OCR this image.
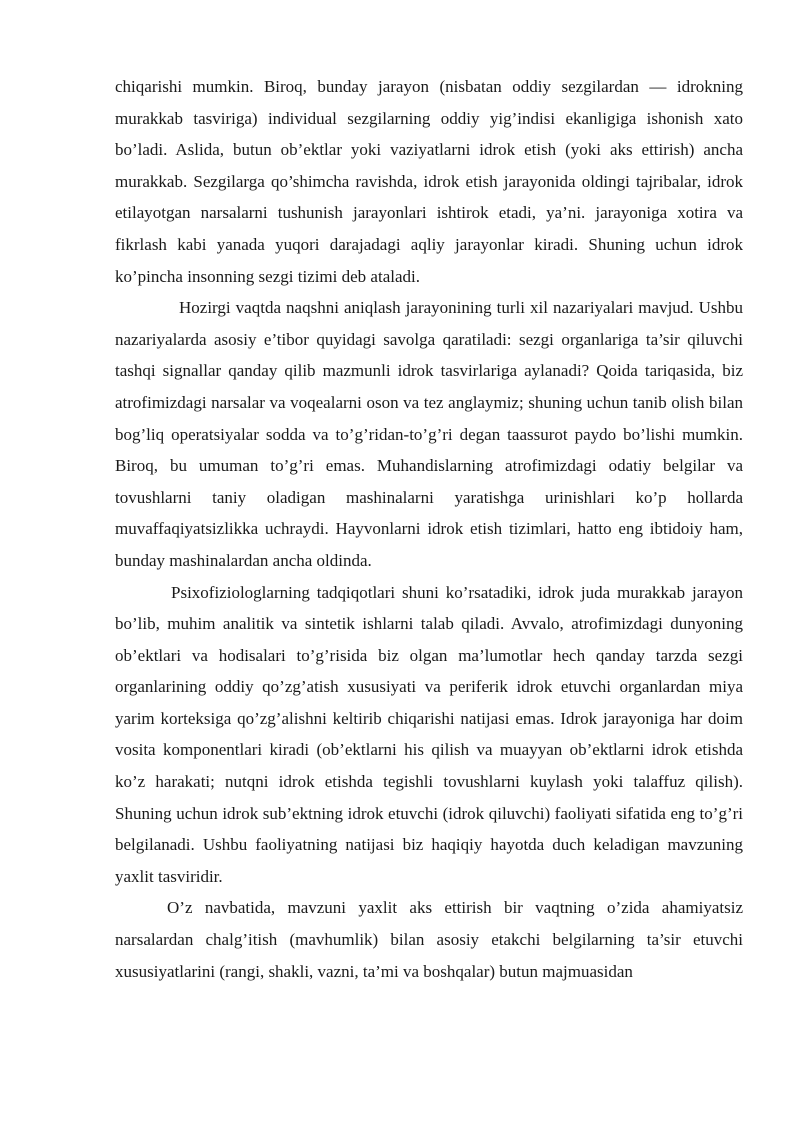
chiqarishi mumkin. Biroq, bunday jarayon (nisbatan oddiy sezgilardan — idrokning murakkab tasviriga) individual sezgilarning oddiy yig’indisi ekanligiga ishonish xato bo’ladi. Aslida, butun ob’ektlar yoki vaziyatlarni idrok etish (yoki aks ettirish) ancha murakkab. Sezgilarga qo’shimcha ravishda, idrok etish jarayonida oldingi tajribalar, idrok etilayotgan narsalarni tushunish jarayonlari ishtirok etadi, ya’ni. jarayoniga xotira va fikrlash kabi yanada yuqori darajadagi aqliy jarayonlar kiradi. Shuning uchun idrok ko’pincha insonning sezgi tizimi deb ataladi.

Hozirgi vaqtda naqshni aniqlash jarayonining turli xil nazariyalari mavjud. Ushbu nazariyalarda asosiy e’tibor quyidagi savolga qaratiladi: sezgi organlariga ta’sir qiluvchi tashqi signallar qanday qilib mazmunli idrok tasvirlariga aylanadi? Qoida tariqasida, biz atrofimizdagi narsalar va voqealarni oson va tez anglaymiz; shuning uchun tanib olish bilan bog’liq operatsiyalar sodda va to’g’ridan-to’g’ri degan taassurot paydo bo’lishi mumkin. Biroq, bu umuman to’g’ri emas. Muhandislarning atrofimizdagi odatiy belgilar va tovushlarni taniy oladigan mashinalarni yaratishga urinishlari ko’p hollarda muvaffaqiyatsizlikka uchraydi. Hayvonlarni idrok etish tizimlari, hatto eng ibtidoiy ham, bunday mashinalardan ancha oldinda.

Psixofiziologlarning tadqiqotlari shuni ko’rsatadiki, idrok juda murakkab jarayon bo’lib, muhim analitik va sintetik ishlarni talab qiladi. Avvalo, atrofimizdagi dunyoning ob’ektlari va hodisalari to’g’risida biz olgan ma’lumotlar hech qanday tarzda sezgi organlarining oddiy qo’zg’atish xususiyati va periferik idrok etuvchi organlardan miya yarim korteksiga qo’zg’alishni keltirib chiqarishi natijasi emas. Idrok jarayoniga har doim vosita komponentlari kiradi (ob’ektlarni his qilish va muayyan ob’ektlarni idrok etishda ko’z harakati; nutqni idrok etishda tegishli tovushlarni kuylash yoki talaffuz qilish). Shuning uchun idrok sub’ektning idrok etuvchi (idrok qiluvchi) faoliyati sifatida eng to’g’ri belgilanadi. Ushbu faoliyatning natijasi biz haqiqiy hayotda duch keladigan mavzuning yaxlit tasviridir.

O’z navbatida, mavzuni yaxlit aks ettirish bir vaqtning o’zida ahamiyatsiz narsalardan chalg’itish (mavhumlik) bilan asosiy etakchi belgilarning ta’sir etuvchi xususiyatlarini (rangi, shakli, vazni, ta’mi va boshqalar) butun majmuasidan
